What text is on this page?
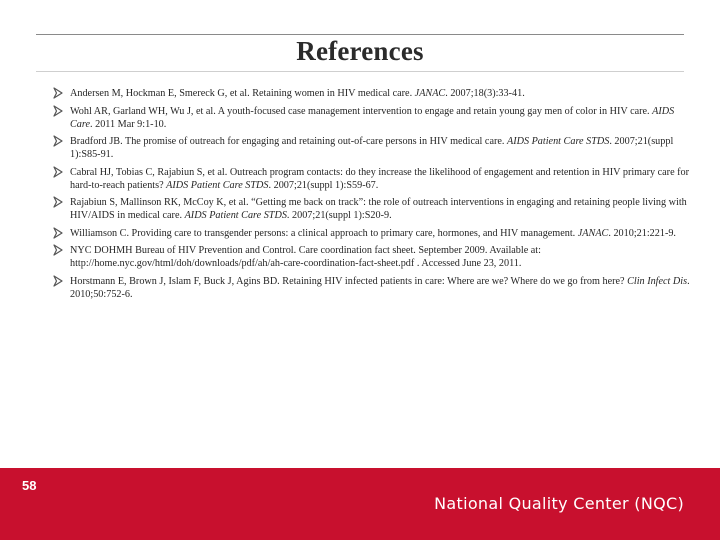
References
Andersen M, Hockman E, Smereck G, et al. Retaining women in HIV medical care. JANAC. 2007;18(3):33-41.
Wohl AR, Garland WH, Wu J, et al. A youth-focused case management intervention to engage and retain young gay men of color in HIV care. AIDS Care. 2011 Mar 9:1-10.
Bradford JB. The promise of outreach for engaging and retaining out-of-care persons in HIV medical care. AIDS Patient Care STDS. 2007;21(suppl 1):S85-91.
Cabral HJ, Tobias C, Rajabiun S, et al. Outreach program contacts: do they increase the likelihood of engagement and retention in HIV primary care for hard-to-reach patients? AIDS Patient Care STDS. 2007;21(suppl 1):S59-67.
Rajabiun S, Mallinson RK, McCoy K, et al. “Getting me back on track”: the role of outreach interventions in engaging and retaining people living with HIV/AIDS in medical care. AIDS Patient Care STDS. 2007;21(suppl 1):S20-9.
Williamson C. Providing care to transgender persons: a clinical approach to primary care, hormones, and HIV management. JANAC. 2010;21:221-9.
NYC DOHMH Bureau of HIV Prevention and Control. Care coordination fact sheet. September 2009. Available at: http://home.nyc.gov/html/doh/downloads/pdf/ah/ah-care-coordination-fact-sheet.pdf . Accessed June 23, 2011.
Horstmann E, Brown J, Islam F, Buck J, Agins BD. Retaining HIV infected patients in care: Where are we? Where do we go from here? Clin Infect Dis. 2010;50:752-6.
58
National Quality Center (NQC)
